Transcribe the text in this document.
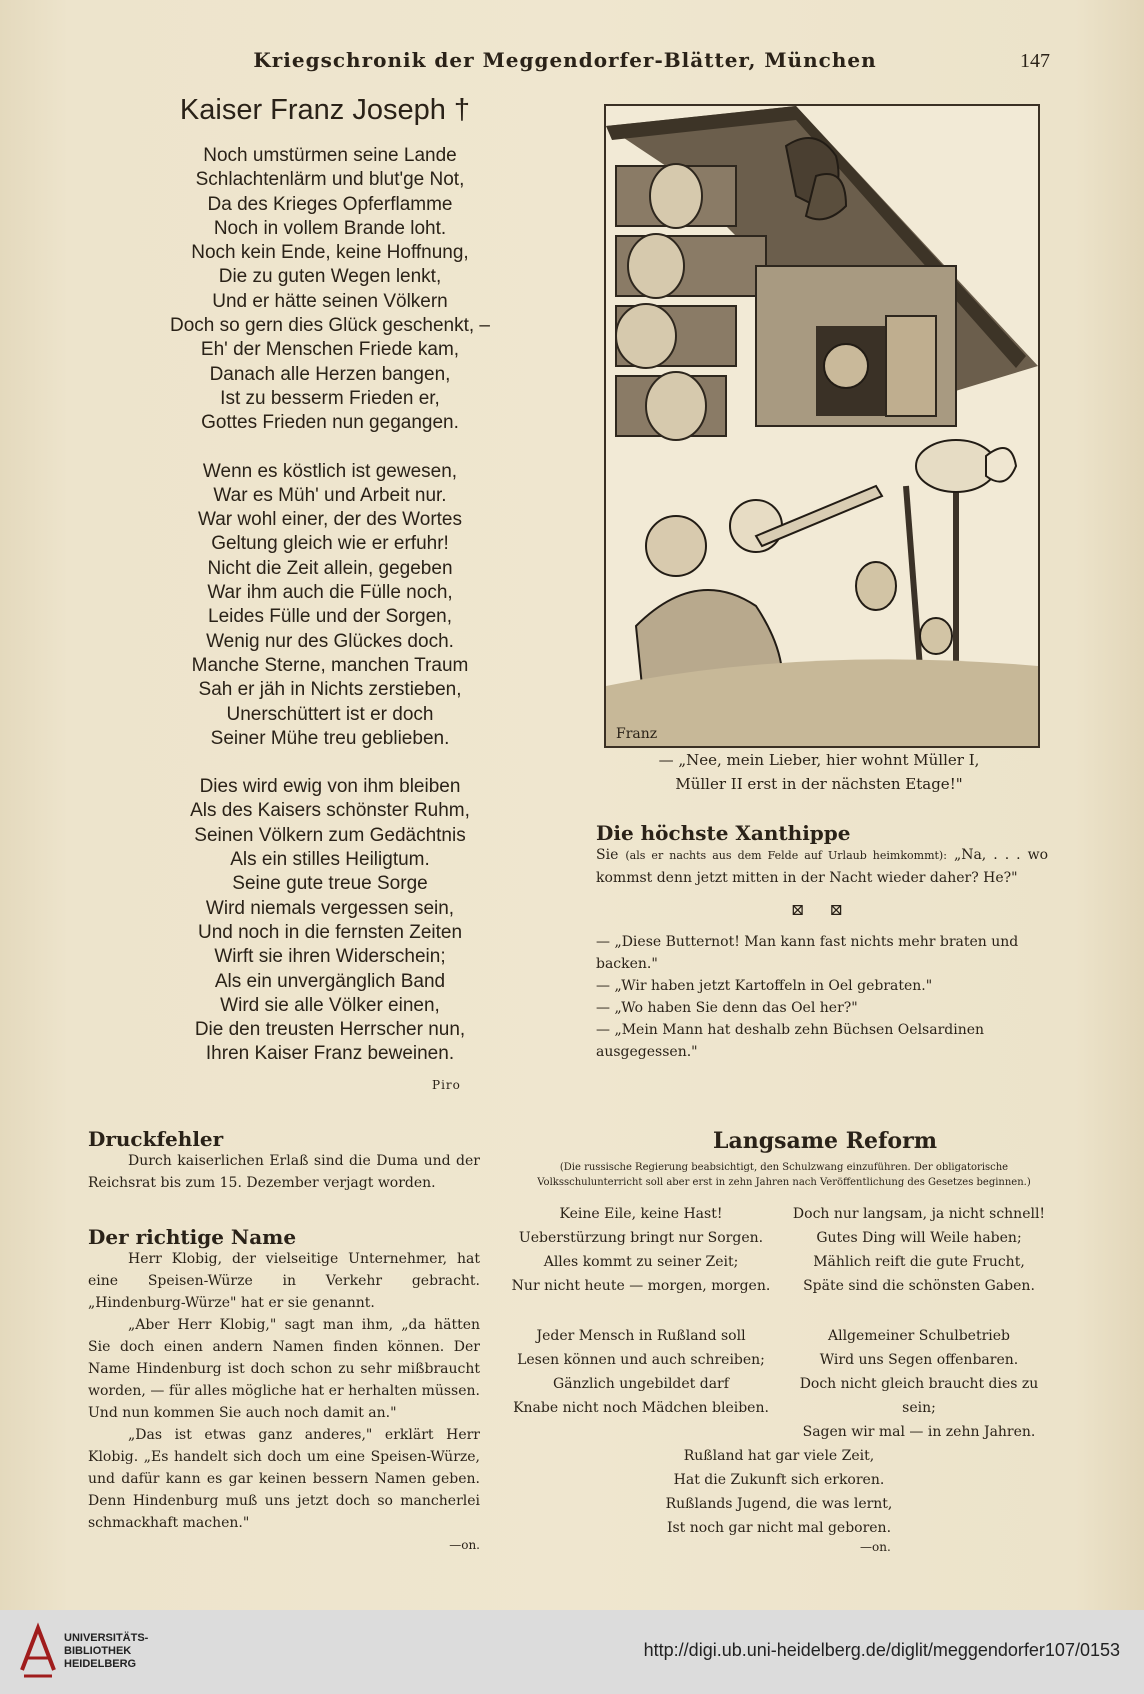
Kriegschronik der Meggendorfer-Blätter, München	147
Kaiser Franz Joseph †
Noch umstürmen seine Lande
Schlachtenlärm und blut'ge Not,
Da des Krieges Opferflamme
Noch in vollem Brande loht.
Noch kein Ende, keine Hoffnung,
Die zu guten Wegen lenkt,
Und er hätte seinen Völkern
Doch so gern dies Glück geschenkt, –
Eh' der Menschen Friede kam,
Danach alle Herzen bangen,
Ist zu besserm Frieden er,
Gottes Frieden nun gegangen.
Wenn es köstlich ist gewesen,
War es Müh' und Arbeit nur.
War wohl einer, der des Wortes
Geltung gleich wie er erfuhr!
Nicht die Zeit allein, gegeben
War ihm auch die Fülle noch,
Leides Fülle und der Sorgen,
Wenig nur des Glückes doch.
Manche Sterne, manchen Traum
Sah er jäh in Nichts zerstieben,
Unerschüttert ist er doch
Seiner Mühe treu geblieben.
Dies wird ewig von ihm bleiben
Als des Kaisers schönster Ruhm,
Seinen Völkern zum Gedächtnis
Als ein stilles Heiligtum.
Seine gute treue Sorge
Wird niemals vergessen sein,
Und noch in die fernsten Zeiten
Wirft sie ihren Widerschein;
Als ein unvergänglich Band
Wird sie alle Völker einen,
Die den treusten Herrscher nun,
Ihren Kaiser Franz beweinen.
Piro
Franz
— „Nee, mein Lieber, hier wohnt Müller I,
Müller II erst in der nächsten Etage!"
Die höchste Xanthippe
Sie (als er nachts aus dem Felde auf Urlaub heimkommt): „Na, . . . wo kommst denn jetzt mitten in der Nacht wieder daher? He?"
⊠ ⊠
— „Diese Butternot! Man kann fast nichts mehr braten und backen."
— „Wir haben jetzt Kartoffeln in Oel gebraten."
— „Wo haben Sie denn das Oel her?"
— „Mein Mann hat deshalb zehn Büchsen Oelsardinen ausgegessen."
Druckfehler
Durch kaiserlichen Erlaß sind die Duma und der Reichsrat bis zum 15. Dezember verjagt worden.
Der richtige Name
Herr Klobig, der vielseitige Unternehmer, hat eine Speisen-Würze in Verkehr gebracht. „Hindenburg-Würze" hat er sie genannt.
„Aber Herr Klobig," sagt man ihm, „da hätten Sie doch einen andern Namen finden können. Der Name Hindenburg ist doch schon zu sehr mißbraucht worden, — für alles mögliche hat er herhalten müssen. Und nun kommen Sie auch noch damit an."
„Das ist etwas ganz anderes," erklärt Herr Klobig. „Es handelt sich doch um eine Speisen-Würze, und dafür kann es gar keinen bessern Namen geben. Denn Hindenburg muß uns jetzt doch so mancherlei schmackhaft machen."
—on.
Langsame Reform
(Die russische Regierung beabsichtigt, den Schulzwang einzuführen. Der obligatorische Volksschulunterricht soll aber erst in zehn Jahren nach Veröffentlichung des Gesetzes beginnen.)
Keine Eile, keine Hast!
Ueberstürzung bringt nur Sorgen.
Alles kommt zu seiner Zeit;
Nur nicht heute — morgen, morgen.
Doch nur langsam, ja nicht schnell!
Gutes Ding will Weile haben;
Mählich reift die gute Frucht,
Späte sind die schönsten Gaben.
Jeder Mensch in Rußland soll
Lesen können und auch schreiben;
Gänzlich ungebildet darf
Knabe nicht noch Mädchen bleiben.
Allgemeiner Schulbetrieb
Wird uns Segen offenbaren.
Doch nicht gleich braucht dies zu sein;
Sagen wir mal — in zehn Jahren.
Rußland hat gar viele Zeit,
Hat die Zukunft sich erkoren.
Rußlands Jugend, die was lernt,
Ist noch gar nicht mal geboren.
—on.
UNIVERSITÄTS-
BIBLIOTHEK
HEIDELBERG
http://digi.ub.uni-heidelberg.de/diglit/meggendorfer107/0153
